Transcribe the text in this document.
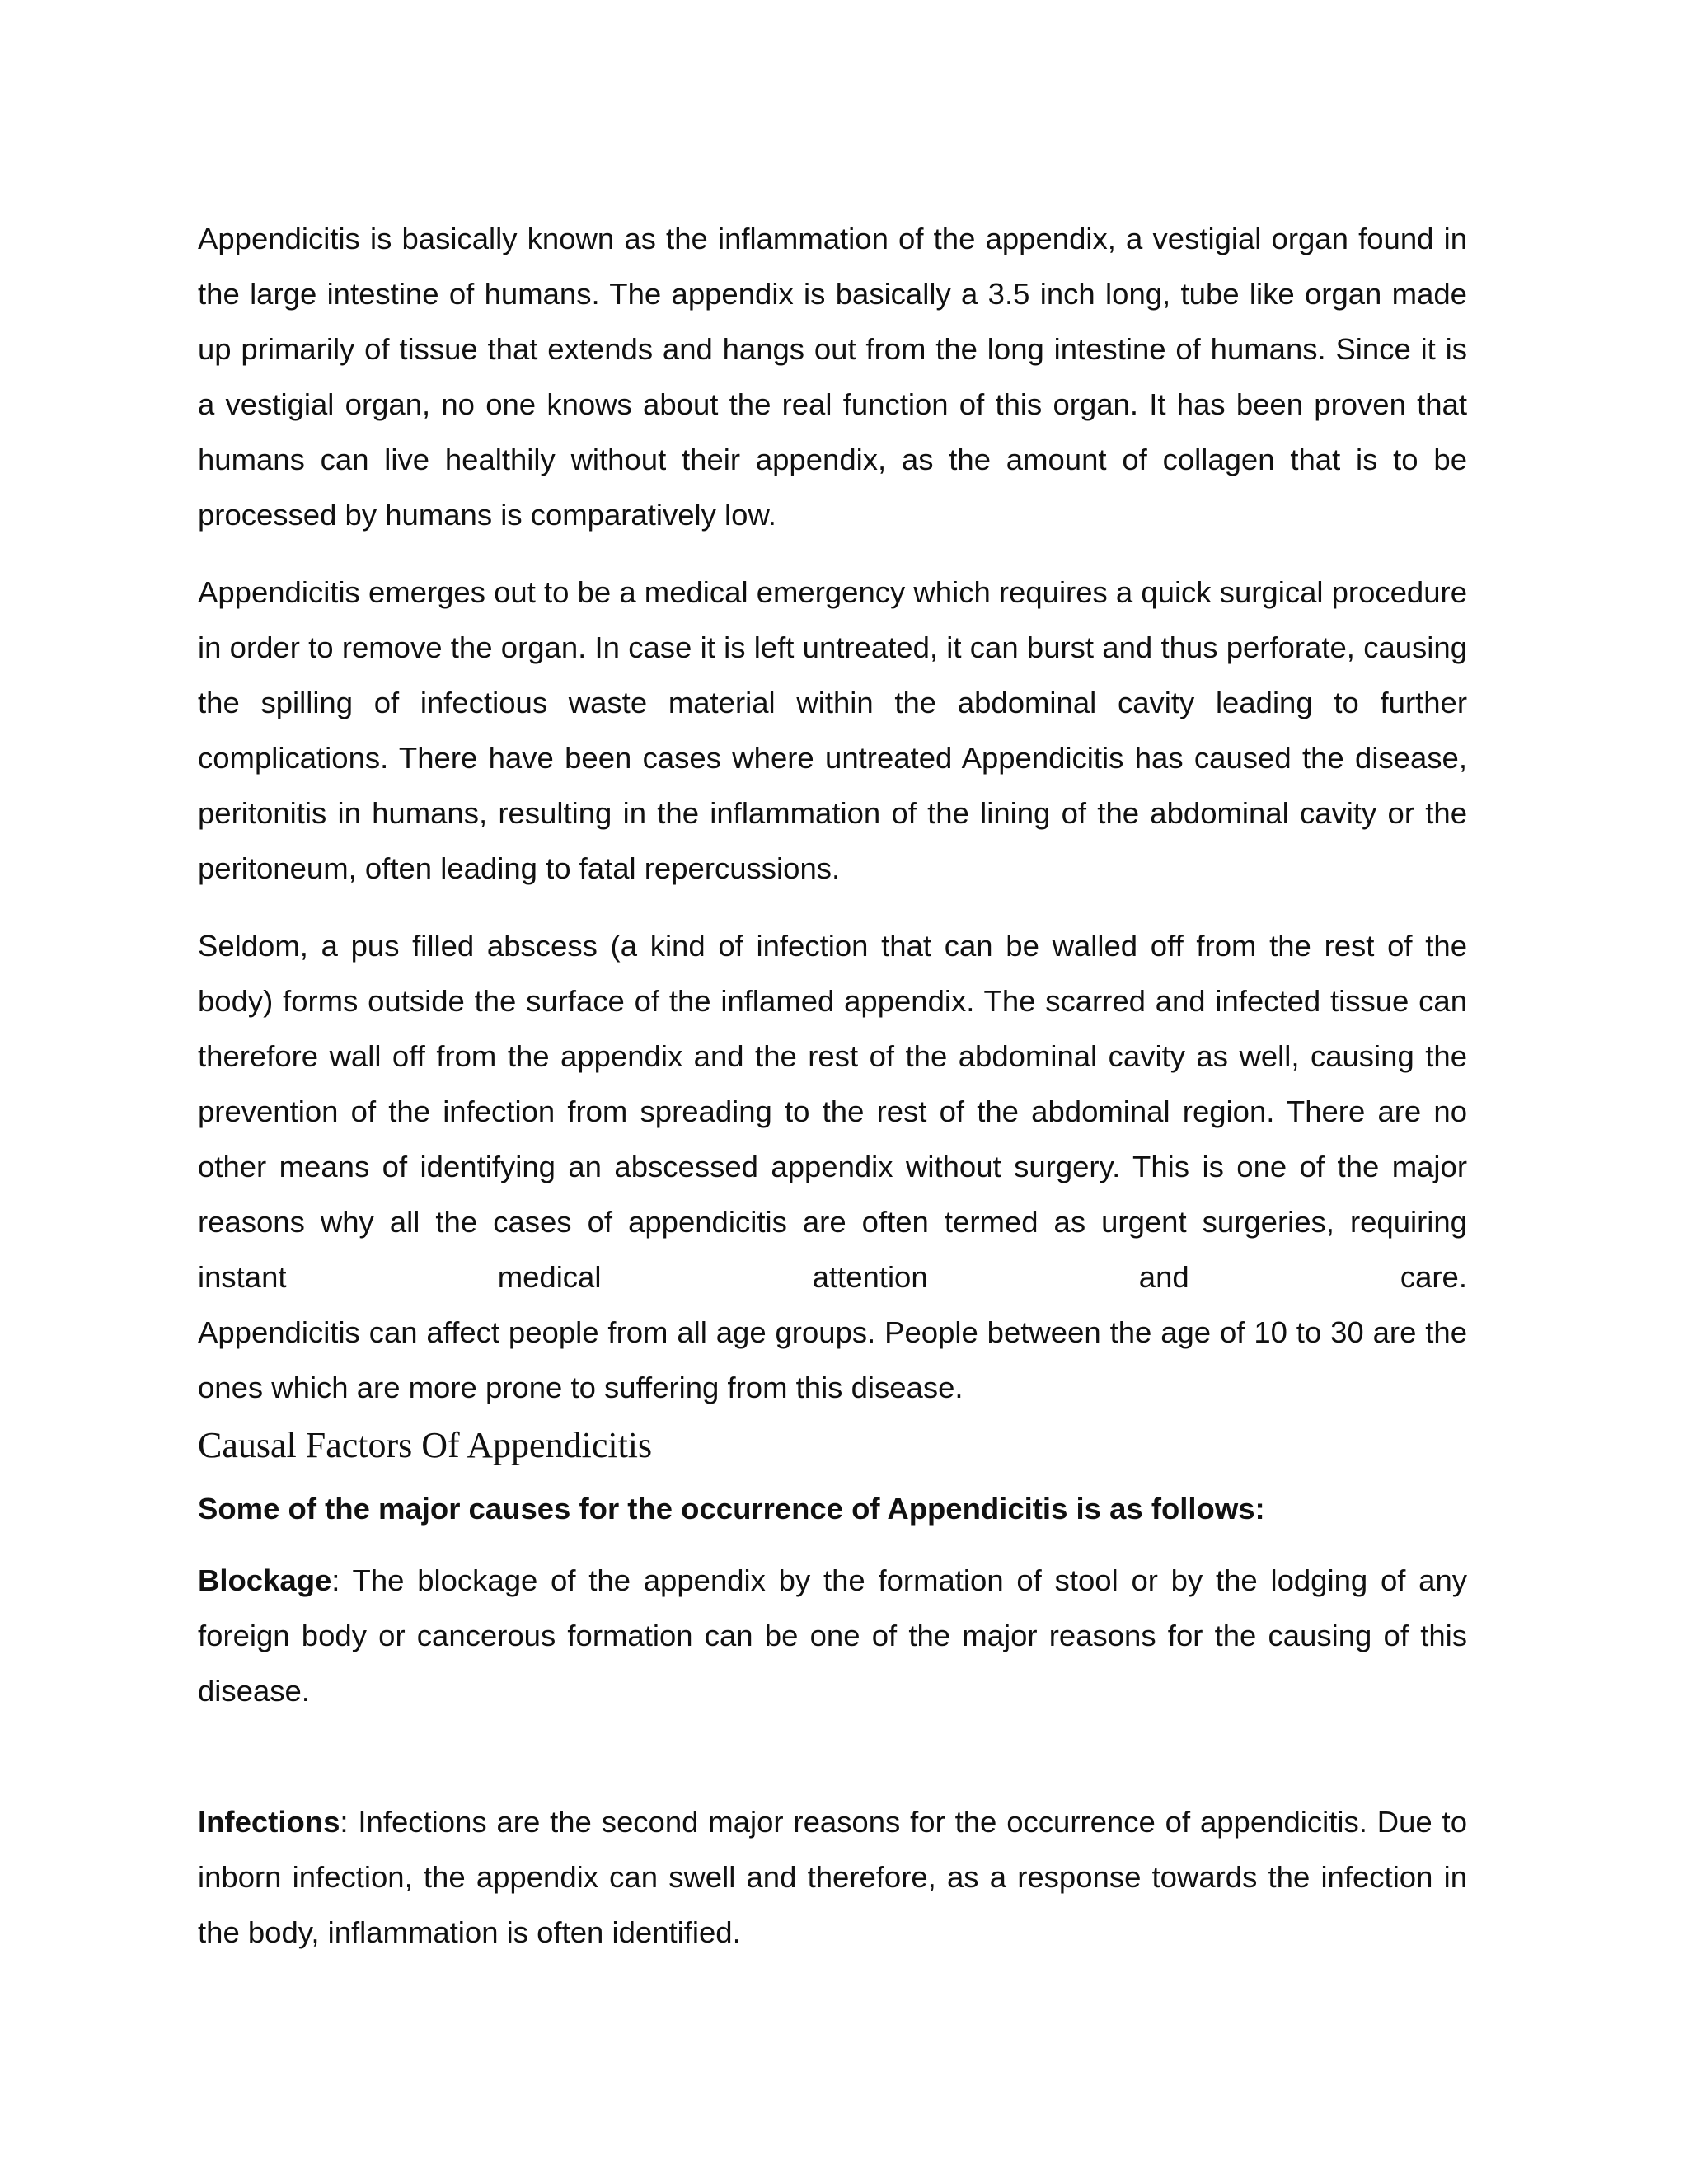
Appendicitis is basically known as the inflammation of the appendix, a vestigial organ found in the large intestine of humans. The appendix is basically a 3.5 inch long, tube like organ made up primarily of tissue that extends and hangs out from the long intestine of humans. Since it is a vestigial organ, no one knows about the real function of this organ. It has been proven that humans can live healthily without their appendix, as the amount of collagen that is to be processed by humans is comparatively low.

Appendicitis emerges out to be a medical emergency which requires a quick surgical procedure in order to remove the organ. In case it is left untreated, it can burst and thus perforate, causing the spilling of infectious waste material within the abdominal cavity leading to further complications. There have been cases where untreated Appendicitis has caused the disease, peritonitis in humans, resulting in the inflammation of the lining of the abdominal cavity or the peritoneum, often leading to fatal repercussions.

Seldom, a pus filled abscess (a kind of infection that can be walled off from the rest of the body) forms outside the surface of the inflamed appendix. The scarred and infected tissue can therefore wall off from the appendix and the rest of the abdominal cavity as well, causing the prevention of the infection from spreading to the rest of the abdominal region. There are no other means of identifying an abscessed appendix without surgery. This is one of the major reasons why all the cases of appendicitis are often termed as urgent surgeries, requiring instant medical attention and care.

Appendicitis can affect people from all age groups. People between the age of 10 to 30 are the ones which are more prone to suffering from this disease.

Causal Factors Of Appendicitis

Some of the major causes for the occurrence of Appendicitis is as follows:

Blockage: The blockage of the appendix by the formation of stool or by the lodging of any foreign body or cancerous formation can be one of the major reasons for the causing of this disease.

Infections: Infections are the second major reasons for the occurrence of appendicitis. Due to inborn infection, the appendix can swell and therefore, as a response towards the infection in the body, inflammation is often identified.
